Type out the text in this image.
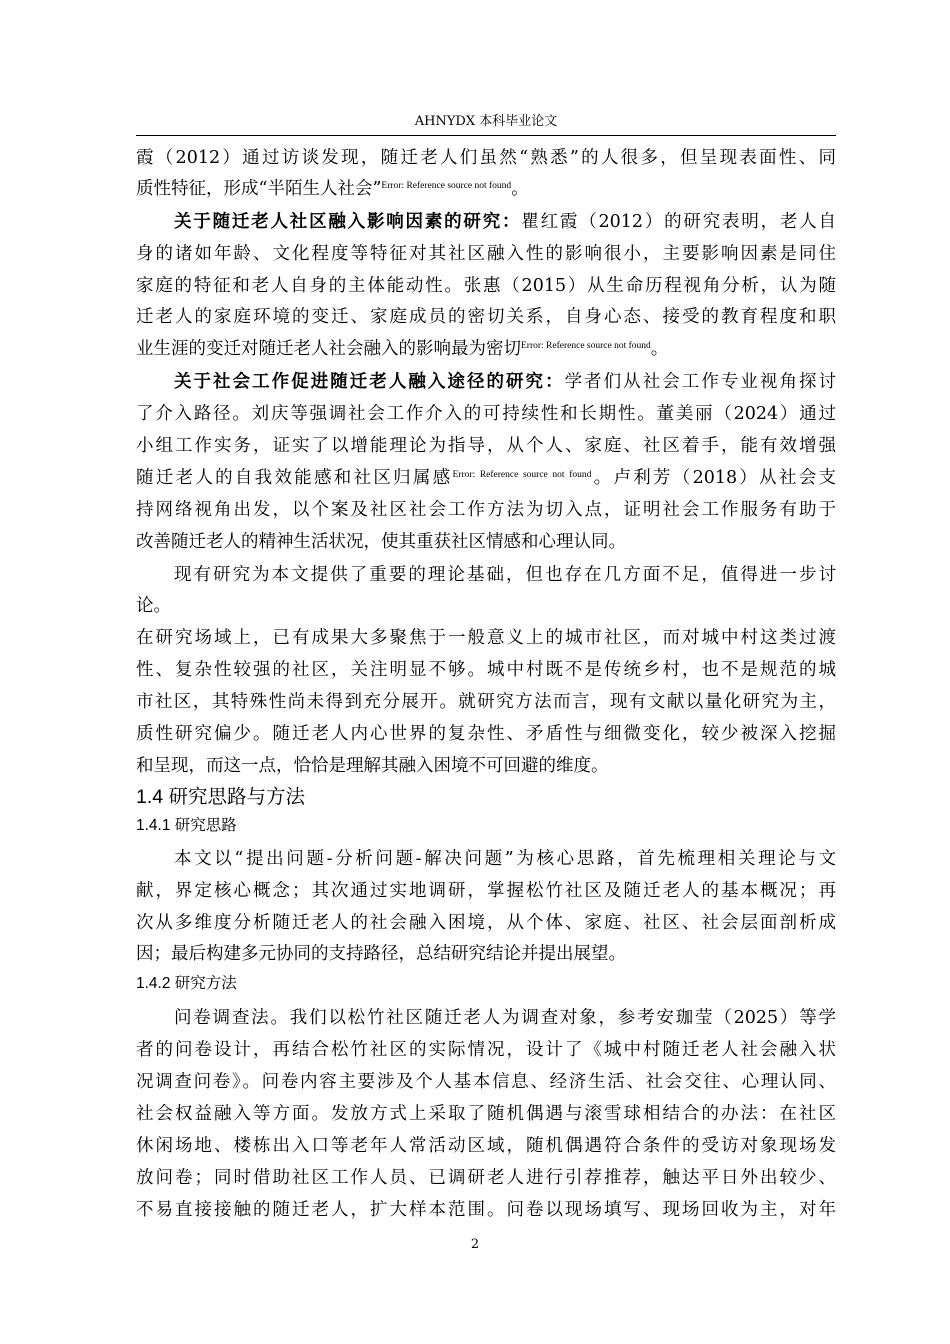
AHNYDX 本科毕业论文
霞（2012）通过访谈发现，随迁老人们虽然“熟悉”的人很多，但呈现表面性、同
质性特征，形成“半陌生人社会”$^{Error: Reference source not found}$。
关于随迁老人社区融入影响因素的研究：瞿红霞（2012）的研究表明，老人自
身的诸如年龄、文化程度等特征对其社区融入性的影响很小，主要影响因素是同住
家庭的特征和老人自身的主体能动性。张惠（2015）从生命历程视角分析，认为随
迁老人的家庭环境的变迁、家庭成员的密切关系，自身心态、接受的教育程度和职
业生涯的变迁对随迁老人社会融入的影响最为密切$^{Error: Reference source not found}$。
关于社会工作促进随迁老人融入途径的研究：学者们从社会工作专业视角探讨
了介入路径。刘庆等强调社会工作介入的可持续性和长期性。董美丽（2024）通过
小组工作实务，证实了以增能理论为指导，从个人、家庭、社区着手，能有效增强
随迁老人的自我效能感和社区归属感$^{Error: Reference source not found}$。卢利芳（2018）从社会支
持网络视角出发，以个案及社区社会工作方法为切入点，证明社会工作服务有助于
改善随迁老人的精神生活状况，使其重获社区情感和心理认同。
现有研究为本文提供了重要的理论基础，但也存在几方面不足，值得进一步讨
论。
在研究场域上，已有成果大多聚焦于一般意义上的城市社区，而对城中村这类过渡
性、复杂性较强的社区，关注明显不够。城中村既不是传统乡村，也不是规范的城
市社区，其特殊性尚未得到充分展开。就研究方法而言，现有文献以量化研究为主，
质性研究偏少。随迁老人内心世界的复杂性、矛盾性与细微变化，较少被深入挖掘
和呈现，而这一点，恰恰是理解其融入困境不可回避的维度。
1.4 研究思路与方法
1.4.1 研究思路
本文以“提出问题-分析问题-解决问题”为核心思路，首先梳理相关理论与文
献，界定核心概念；其次通过实地调研，掌握松竹社区及随迁老人的基本概况；再
次从多维度分析随迁老人的社会融入困境，从个体、家庭、社区、社会层面剖析成
因；最后构建多元协同的支持路径，总结研究结论并提出展望。
1.4.2 研究方法
问卷调查法。我们以松竹社区随迁老人为调查对象，参考安珈莹（2025）等学
者的问卷设计，再结合松竹社区的实际情况，设计了《城中村随迁老人社会融入状
况调查问卷》。问卷内容主要涉及个人基本信息、经济生活、社会交往、心理认同、
社会权益融入等方面。发放方式上采取了随机偶遇与滚雪球相结合的办法：在社区
休闲场地、楼栋出入口等老年人常活动区域，随机偶遇符合条件的受访对象现场发
放问卷；同时借助社区工作人员、已调研老人进行引荐推荐，触达平日外出较少、
不易直接接触的随迁老人，扩大样本范围。问卷以现场填写、现场回收为主，对年
2
